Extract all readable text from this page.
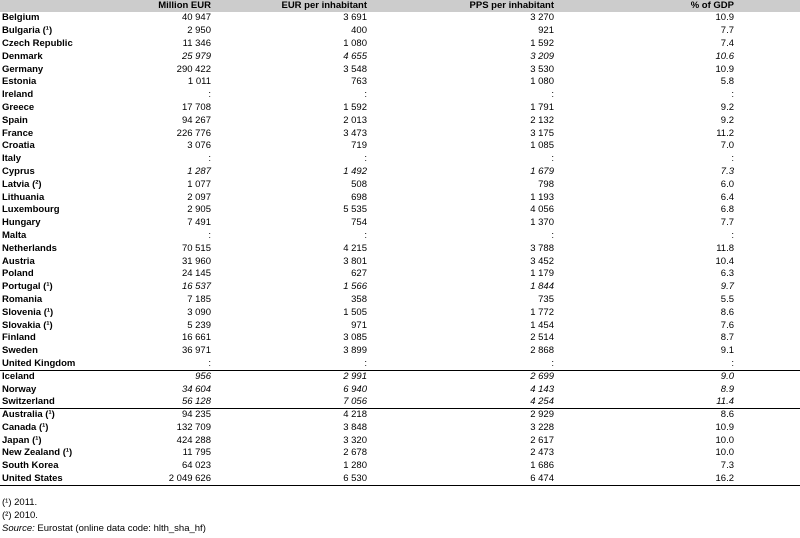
	Million EUR	EUR per inhabitant	PPS per inhabitant	% of GDP	
Belgium	40 947	3 691	3 270	10.9	
Bulgaria (¹)	2 950	400	921	7.7	
Czech Republic	11 346	1 080	1 592	7.4	
Denmark	25 979	4 655	3 209	10.6	
Germany	290 422	3 548	3 530	10.9	
Estonia	1 011	763	1 080	5.8	
Ireland	:	:	:	:	
Greece	17 708	1 592	1 791	9.2	
Spain	94 267	2 013	2 132	9.2	
France	226 776	3 473	3 175	11.2	
Croatia	3 076	719	1 085	7.0	
Italy	:	:	:	:	
Cyprus	1 287	1 492	1 679	7.3	
Latvia (²)	1 077	508	798	6.0	
Lithuania	2 097	698	1 193	6.4	
Luxembourg	2 905	5 535	4 056	6.8	
Hungary	7 491	754	1 370	7.7	
Malta	:	:	:	:	
Netherlands	70 515	4 215	3 788	11.8	
Austria	31 960	3 801	3 452	10.4	
Poland	24 145	627	1 179	6.3	
Portugal (¹)	16 537	1 566	1 844	9.7	
Romania	7 185	358	735	5.5	
Slovenia (¹)	3 090	1 505	1 772	8.6	
Slovakia (¹)	5 239	971	1 454	7.6	
Finland	16 661	3 085	2 514	8.7	
Sweden	36 971	3 899	2 868	9.1	
United Kingdom	:	:	:	:	
Iceland	956	2 991	2 699	9.0	
Norway	34 604	6 940	4 143	8.9	
Switzerland	56 128	7 056	4 254	11.4	
Australia (¹)	94 235	4 218	2 929	8.6	
Canada (¹)	132 709	3 848	3 228	10.9	
Japan (¹)	424 288	3 320	2 617	10.0	
New Zealand (¹)	11 795	2 678	2 473	10.0	
South Korea	64 023	1 280	1 686	7.3	
United States	2 049 626	6 530	6 474	16.2	
(¹) 2011.
(²) 2010.
Source: Eurostat (online data code: hlth_sha_hf)
